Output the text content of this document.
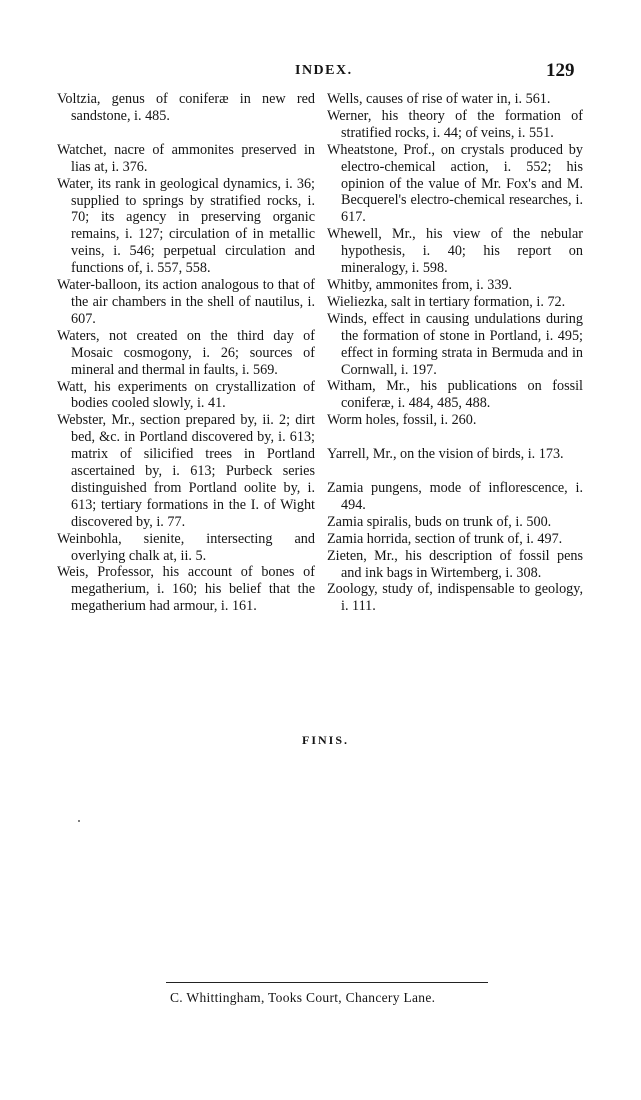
INDEX.	129

Voltzia, genus of coniferæ in new red sandstone, i. 485.

Watchet, nacre of ammonites preserved in lias at, i. 376.

Water, its rank in geological dynamics, i. 36; supplied to springs by stratified rocks, i. 70; its agency in preserving organic remains, i. 127; circulation of in metallic veins, i. 546; perpetual circulation and functions of, i. 557, 558.

Water-balloon, its action analogous to that of the air chambers in the shell of nautilus, i. 607.

Waters, not created on the third day of Mosaic cosmogony, i. 26; sources of mineral and thermal in faults, i. 569.

Watt, his experiments on crystallization of bodies cooled slowly, i. 41.

Webster, Mr., section prepared by, ii. 2; dirt bed, &c. in Portland discovered by, i. 613; matrix of silicified trees in Portland ascertained by, i. 613; Purbeck series distinguished from Portland oolite by, i. 613; tertiary formations in the I. of Wight discovered by, i. 77.

Weinbohla, sienite, intersecting and overlying chalk at, ii. 5.

Weis, Professor, his account of bones of megatherium, i. 160; his belief that the megatherium had armour, i. 161.

Wells, causes of rise of water in, i. 561.

Werner, his theory of the formation of stratified rocks, i. 44; of veins, i. 551.

Wheatstone, Prof., on crystals produced by electro-chemical action, i. 552; his opinion of the value of Mr. Fox's and M. Becquerel's electro-chemical researches, i. 617.

Whewell, Mr., his view of the nebular hypothesis, i. 40; his report on mineralogy, i. 598.

Whitby, ammonites from, i. 339.

Wieliezka, salt in tertiary formation, i. 72.

Winds, effect in causing undulations during the formation of stone in Portland, i. 495; effect in forming strata in Bermuda and in Cornwall, i. 197.

Witham, Mr., his publications on fossil coniferæ, i. 484, 485, 488.

Worm holes, fossil, i. 260.

Yarrell, Mr., on the vision of birds, i. 173.

Zamia pungens, mode of inflorescence, i. 494.

Zamia spiralis, buds on trunk of, i. 500.

Zamia horrida, section of trunk of, i. 497.

Zieten, Mr., his description of fossil pens and ink bags in Wirtemberg, i. 308.

Zoology, study of, indispensable to geology, i. 111.

FINIS.
C. Whittingham, Tooks Court, Chancery Lane.
